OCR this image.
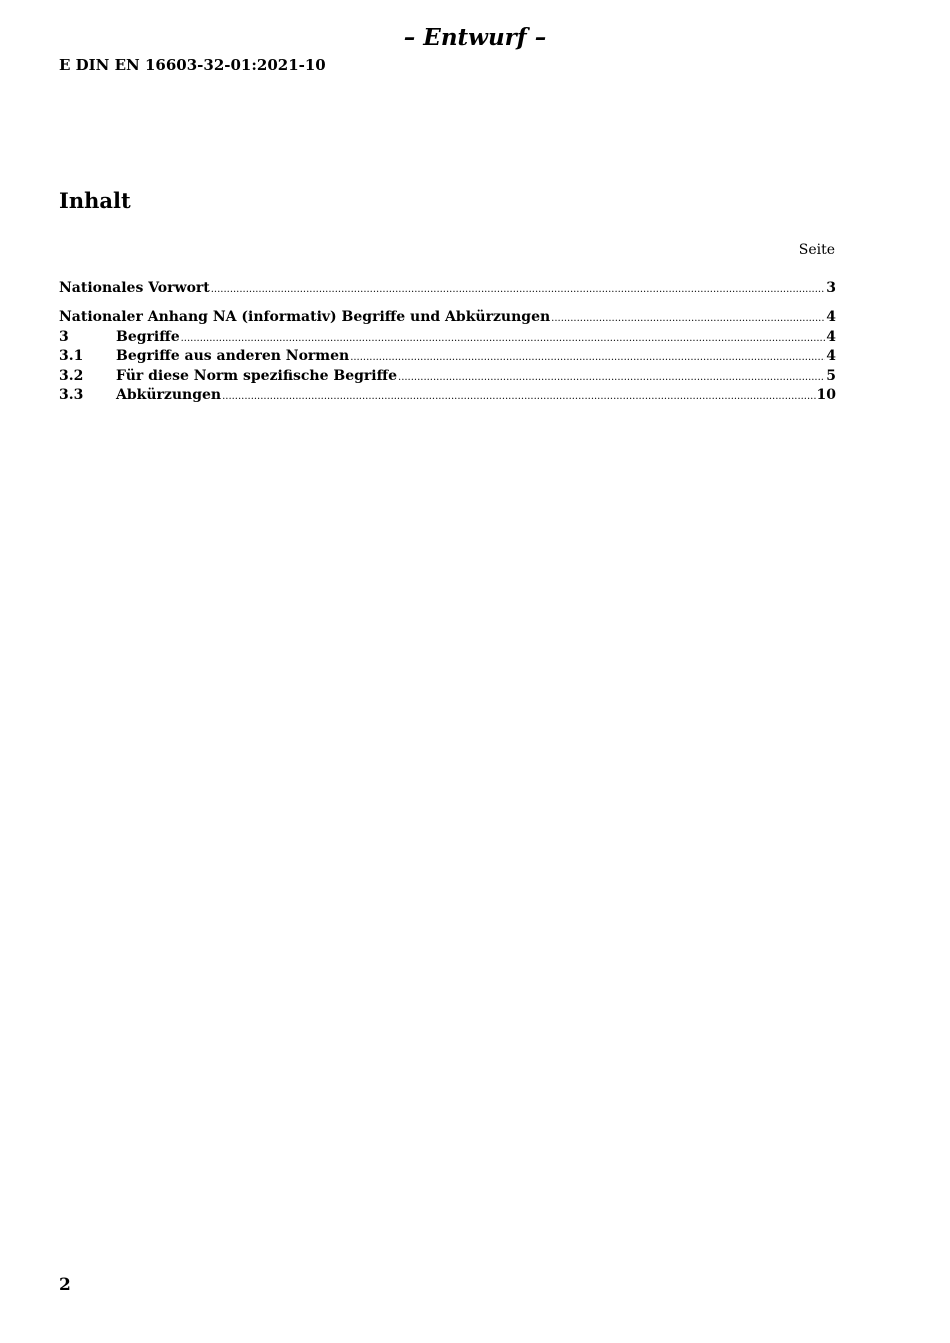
– Entwurf –
E DIN EN 16603-32-01:2021-10
Inhalt
Seite
Nationales Vorwort .....	3
Nationaler Anhang NA (informativ) Begriffe und Abkürzungen .....	4
3	Begriffe .....	4
3.1	Begriffe aus anderen Normen .....	4
3.2	Für diese Norm spezifische Begriffe .....	5
3.3	Abkürzungen .....	10
2
